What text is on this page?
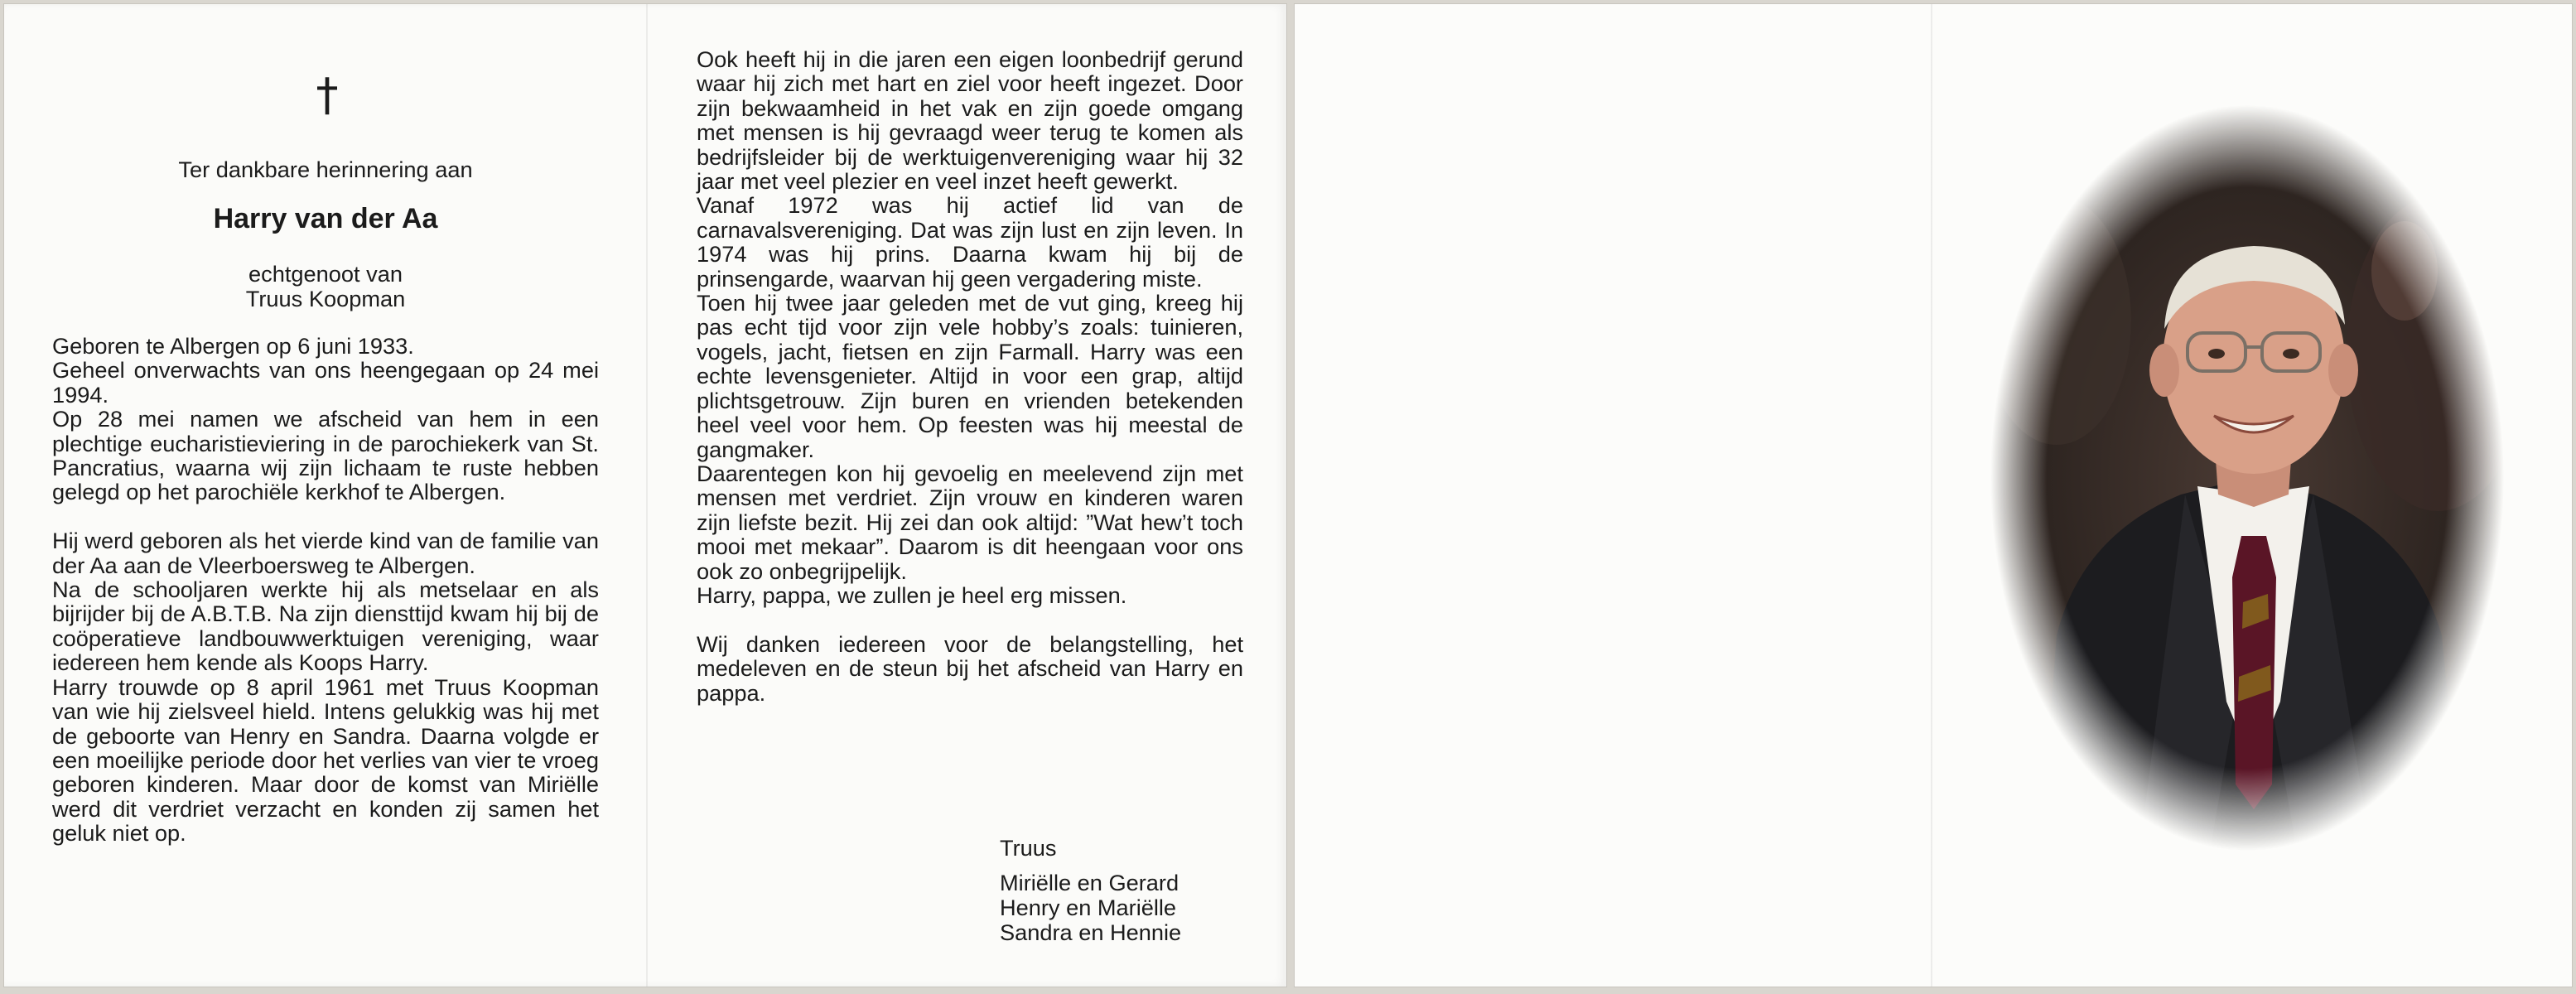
†
Ter dankbare herinnering aan
Harry van der Aa
echtgenoot van
Truus Koopman

Geboren te Albergen op 6 juni 1933.

Geheel onverwachts van ons heengegaan op 24 mei 1994.

Op 28 mei namen we afscheid van hem in een plechtige eucharistieviering in de parochiekerk van St. Pancratius, waarna wij zijn lichaam te ruste hebben gelegd op het parochiële kerkhof te Albergen.

Hij werd geboren als het vierde kind van de familie van der Aa aan de Vleerboersweg te Albergen.

Na de schooljaren werkte hij als metselaar en als bijrijder bij de A.B.T.B. Na zijn diensttijd kwam hij bij de coöperatieve landbouwwerktuigen vereniging, waar iedereen hem kende als Koops Harry.

Harry trouwde op 8 april 1961 met Truus Koopman van wie hij zielsveel hield. Intens gelukkig was hij met de geboorte van Henry en Sandra. Daarna volgde er een moeilijke periode door het verlies van vier te vroeg geboren kinderen. Maar door de komst van Miriëlle werd dit verdriet verzacht en konden zij samen het geluk niet op.

Ook heeft hij in die jaren een eigen loonbedrijf gerund waar hij zich met hart en ziel voor heeft ingezet. Door zijn bekwaamheid in het vak en zijn goede omgang met mensen is hij gevraagd weer terug te komen als bedrijfsleider bij de werktuigenvereniging waar hij 32 jaar met veel plezier en veel inzet heeft gewerkt.

Vanaf 1972 was hij actief lid van de carnavalsvereniging. Dat was zijn lust en zijn leven. In 1974 was hij prins. Daarna kwam hij bij de prinsengarde, waarvan hij geen vergadering miste.

Toen hij twee jaar geleden met de vut ging, kreeg hij pas echt tijd voor zijn vele hobby’s zoals: tuinieren, vogels, jacht, fietsen en zijn Farmall. Harry was een echte levensgenieter. Altijd in voor een grap, altijd plichtsgetrouw. Zijn buren en vrienden betekenden heel veel voor hem. Op feesten was hij meestal de gangmaker.

Daarentegen kon hij gevoelig en meelevend zijn met mensen met verdriet. Zijn vrouw en kinderen waren zijn liefste bezit. Hij zei dan ook altijd: ”Wat hew’t toch mooi met mekaar”. Daarom is dit heengaan voor ons ook zo onbegrijpelijk.

Harry, pappa, we zullen je heel erg missen.

Wij danken iedereen voor de belangstelling, het medeleven en de steun bij het afscheid van Harry en pappa.

Truus
Miriëlle en Gerard
Henry en Mariëlle
Sandra en Hennie
